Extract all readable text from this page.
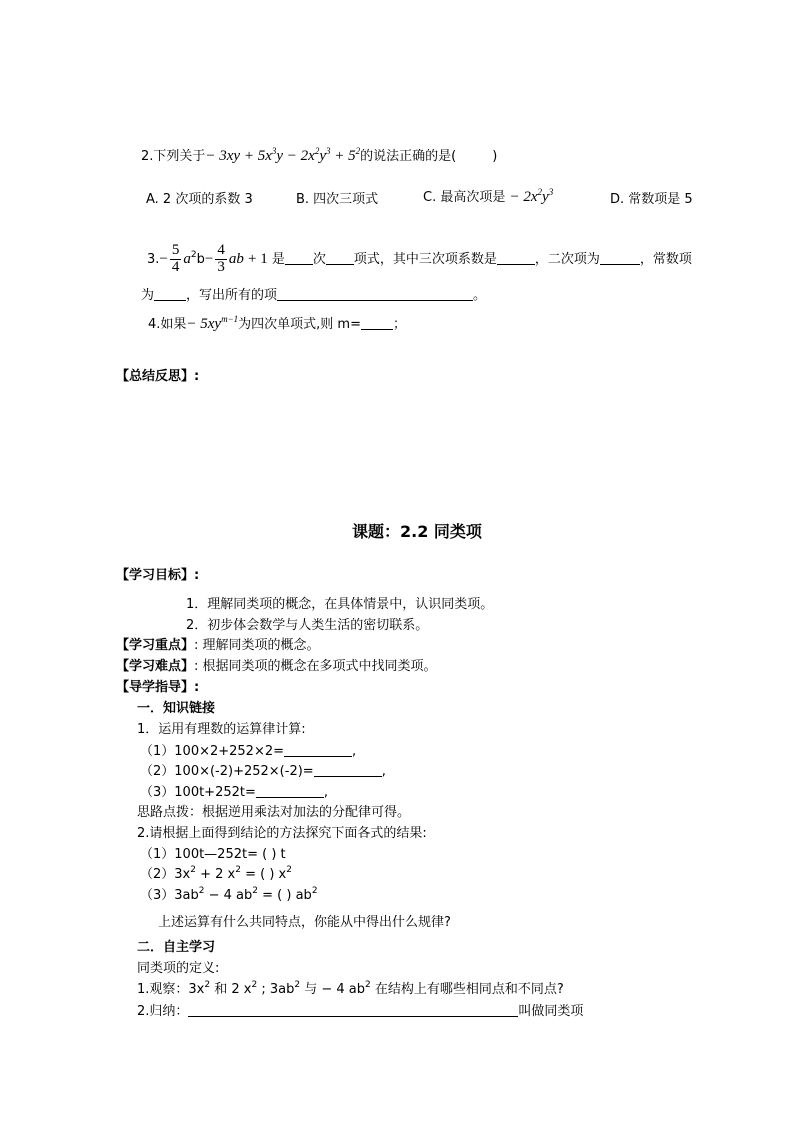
2.下列关于− $3xy + 5x^3y - 2x^2y^3 + 5^2$的说法正确的是(	)
A. 2 次项的系数 3	B. 四次三项式	C. 最高次项是 − $2x^2y^3$	D. 常数项是 5
$3.- \frac{5}{4} a^2b- \frac{4}{3}$ ab + 1 是 次 项式，其中三次项系数是	，二次项为	，常数项
为 ，写出所有的项	。
4.如果− $5xy^{m-1}$为四次单项式,则 m= ；
【总结反思】:
课题：2.2 同类项
【学习目标】:
1．理解同类项的概念，在具体情景中，认识同类项。
2．初步体会数学与人类生活的密切联系。
【学习重点】: 理解同类项的概念。
【学习难点】: 根据同类项的概念在多项式中找同类项。
【导学指导】:
一．知识链接
1．运用有理数的运算律计算:
（1）100×2+252×2=	,
（2）100×(-2)+252×(-2)=	,
（3）100t+252t=	,
思路点拨：根据逆用乘法对加法的分配律可得。
2.请根据上面得到结论的方法探究下面各式的结果:
（1）100t—252t= ( ) t
$(2)3x^2 + 2$ $x^2$ = ( ) $x^2$
$(3)3ab^2 - 4$ $ab^2$ = ( ) $ab^2$
上述运算有什么共同特点，你能从中得出什么规律?
二．自主学习
同类项的定义:
1.观察：$3x^2$ 和 2 $x^2$ ; $3ab^2$ 与 − 4 $ab^2$ 在结构上有哪些相同点和不同点?
2.归纳：	叫做同类项
